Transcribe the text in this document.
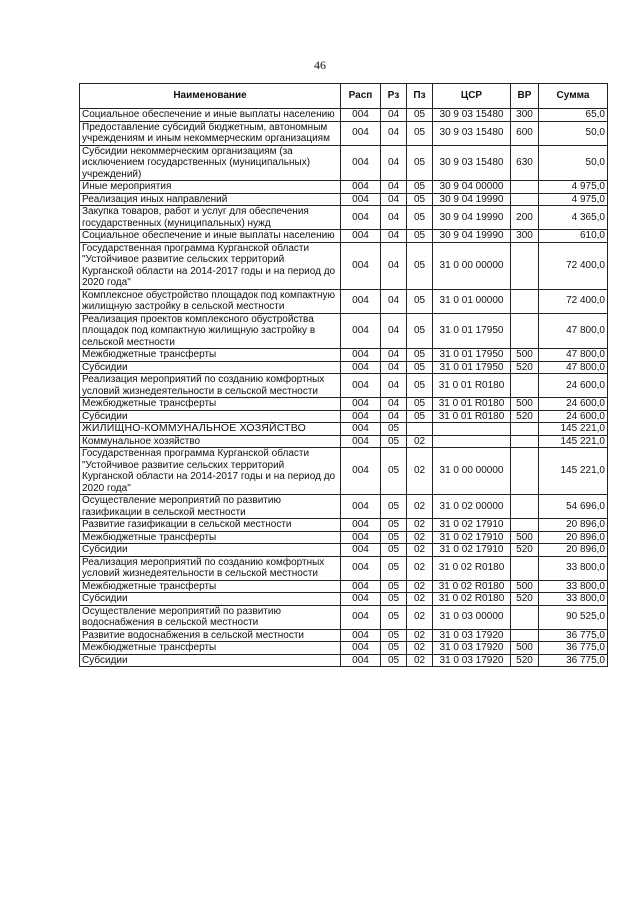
46
Наименование	Расп	Рз	Пз	ЦСР	ВР	Сумма
Социальное обеспечение и иные выплаты населению	004	04	05	30 9 03 15480	300	65,0
Предоставление субсидий бюджетным, автономным учреждениям и иным некоммерческим организациям	004	04	05	30 9 03 15480	600	50,0
Субсидии некоммерческим организациям (за исключением государственных (муниципальных) учреждений)	004	04	05	30 9 03 15480	630	50,0
Иные мероприятия	004	04	05	30 9 04 00000		4 975,0
Реализация иных направлений	004	04	05	30 9 04 19990		4 975,0
Закупка товаров, работ и услуг для обеспечения государственных (муниципальных) нужд	004	04	05	30 9 04 19990	200	4 365,0
Социальное обеспечение и иные выплаты населению	004	04	05	30 9 04 19990	300	610,0
Государственная программа Курганской области "Устойчивое развитие сельских территорий Курганской области на 2014-2017 годы и на период до 2020 года"	004	04	05	31 0 00 00000		72 400,0
Комплексное обустройство площадок под компактную жилищную застройку в сельской местности	004	04	05	31 0 01 00000		72 400,0
Реализация проектов комплексного обустройства площадок под компактную жилищную застройку в сельской местности	004	04	05	31 0 01 17950		47 800,0
Межбюджетные трансферты	004	04	05	31 0 01 17950	500	47 800,0
Субсидии	004	04	05	31 0 01 17950	520	47 800,0
Реализация мероприятий по созданию комфортных условий жизнедеятельности в сельской местности	004	04	05	31 0 01 R0180		24 600,0
Межбюджетные трансферты	004	04	05	31 0 01 R0180	500	24 600,0
Субсидии	004	04	05	31 0 01 R0180	520	24 600,0
ЖИЛИЩНО-КОММУНАЛЬНОЕ ХОЗЯЙСТВО	004	05				145 221,0
Коммунальное хозяйство	004	05	02			145 221,0
Государственная программа Курганской области "Устойчивое развитие сельских территорий Курганской области на 2014-2017 годы и на период до 2020 года"	004	05	02	31 0 00 00000		145 221,0
Осуществление мероприятий по развитию газификации в сельской местности	004	05	02	31 0 02 00000		54 696,0
Развитие газификации в сельской местности	004	05	02	31 0 02 17910		20 896,0
Межбюджетные трансферты	004	05	02	31 0 02 17910	500	20 896,0
Субсидии	004	05	02	31 0 02 17910	520	20 896,0
Реализация мероприятий по созданию комфортных условий жизнедеятельности в сельской местности	004	05	02	31 0 02 R0180		33 800,0
Межбюджетные трансферты	004	05	02	31 0 02 R0180	500	33 800,0
Субсидии	004	05	02	31 0 02 R0180	520	33 800,0
Осуществление мероприятий по развитию водоснабжения в сельской местности	004	05	02	31 0 03 00000		90 525,0
Развитие водоснабжения в сельской местности	004	05	02	31 0 03 17920		36 775,0
Межбюджетные трансферты	004	05	02	31 0 03 17920	500	36 775,0
Субсидии	004	05	02	31 0 03 17920	520	36 775,0
